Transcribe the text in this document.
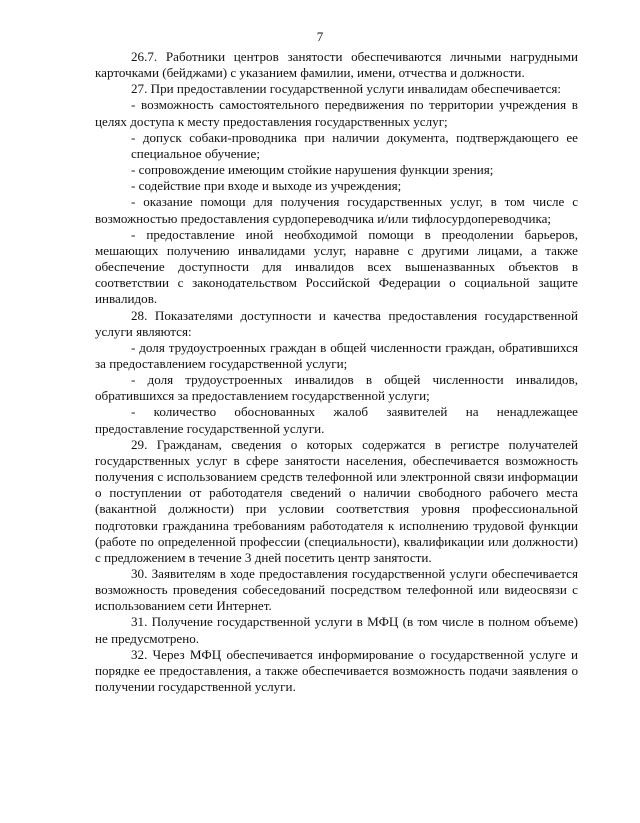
7

26.7. Работники центров занятости обеспечиваются личными нагрудными карточками (бейджами) с указанием фамилии, имени, отчества и должности.

27. При предоставлении государственной услуги инвалидам обеспечивается:

- возможность самостоятельного передвижения по территории учреждения в целях доступа к месту предоставления государственных услуг;

- допуск собаки-проводника при наличии документа, подтверждающего ее специальное обучение;

- сопровождение имеющим стойкие нарушения функции зрения;

- содействие при входе и выходе из учреждения;

- оказание помощи для получения государственных услуг, в том числе с возможностью предоставления сурдопереводчика и/или тифлосурдопереводчика;

- предоставление иной необходимой помощи в преодолении барьеров, мешающих получению инвалидами услуг, наравне с другими лицами, а также обеспечение доступности для инвалидов всех вышеназванных объектов в соответствии с законодательством Российской Федерации о социальной защите инвалидов.

28. Показателями доступности и качества предоставления государственной услуги являются:

- доля трудоустроенных граждан в общей численности граждан, обратившихся за предоставлением государственной услуги;

- доля трудоустроенных инвалидов в общей численности инвалидов, обратившихся за предоставлением государственной услуги;

- количество обоснованных жалоб заявителей на ненадлежащее предоставление государственной услуги.

29. Гражданам, сведения о которых содержатся в регистре получателей государственных услуг в сфере занятости населения, обеспечивается возможность получения с использованием средств телефонной или электронной связи информации о поступлении от работодателя сведений о наличии свободного рабочего места (вакантной должности) при условии соответствия уровня профессиональной подготовки гражданина требованиям работодателя к исполнению трудовой функции (работе по определенной профессии (специальности), квалификации или должности) с предложением в течение 3 дней посетить центр занятости.

30. Заявителям в ходе предоставления государственной услуги обеспечивается возможность проведения собеседований посредством телефонной или видеосвязи с использованием сети Интернет.

31. Получение государственной услуги в МФЦ (в том числе в полном объеме) не предусмотрено.

32. Через МФЦ обеспечивается информирование о государственной услуге и порядке ее предоставления, а также обеспечивается возможность подачи заявления о получении государственной услуги.
